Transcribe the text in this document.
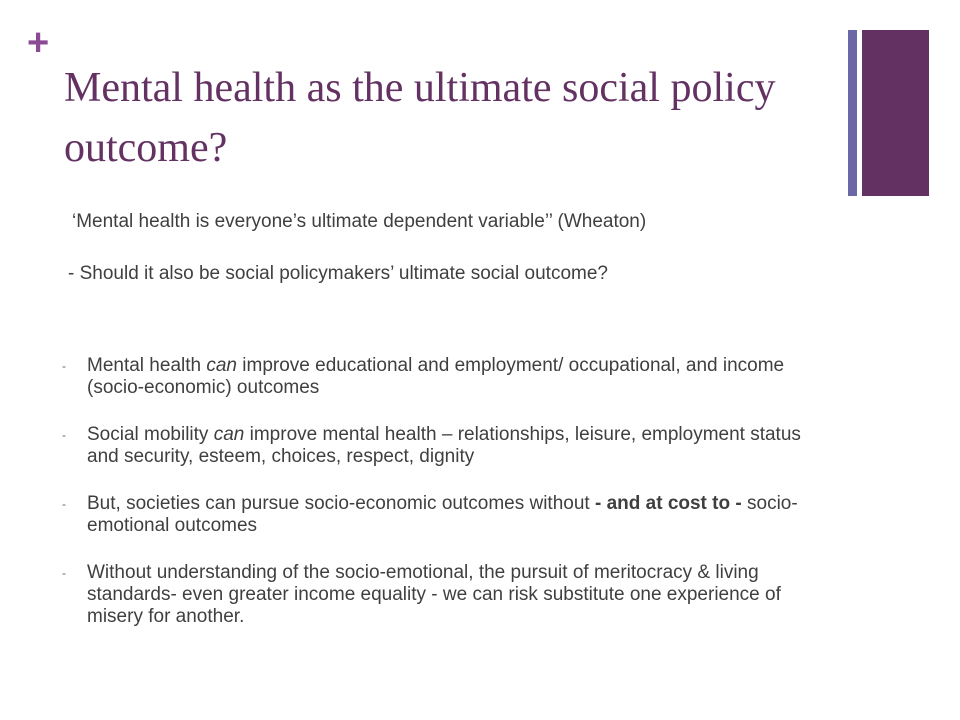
+
Mental health as the ultimate social policy outcome?
‘Mental health is everyone’s ultimate dependent variable’’ (Wheaton)
- Should it also be social policymakers’ ultimate social outcome?
- Mental health can improve educational and employment/ occupational, and income (socio-economic) outcomes
- Social mobility can improve mental health – relationships, leisure, employment status and security, esteem, choices, respect, dignity
- But, societies can pursue socio-economic outcomes without - and at cost to - socio-emotional outcomes
- Without understanding of the socio-emotional, the pursuit of meritocracy & living standards- even greater income equality - we can risk substitute one experience of misery for another.
